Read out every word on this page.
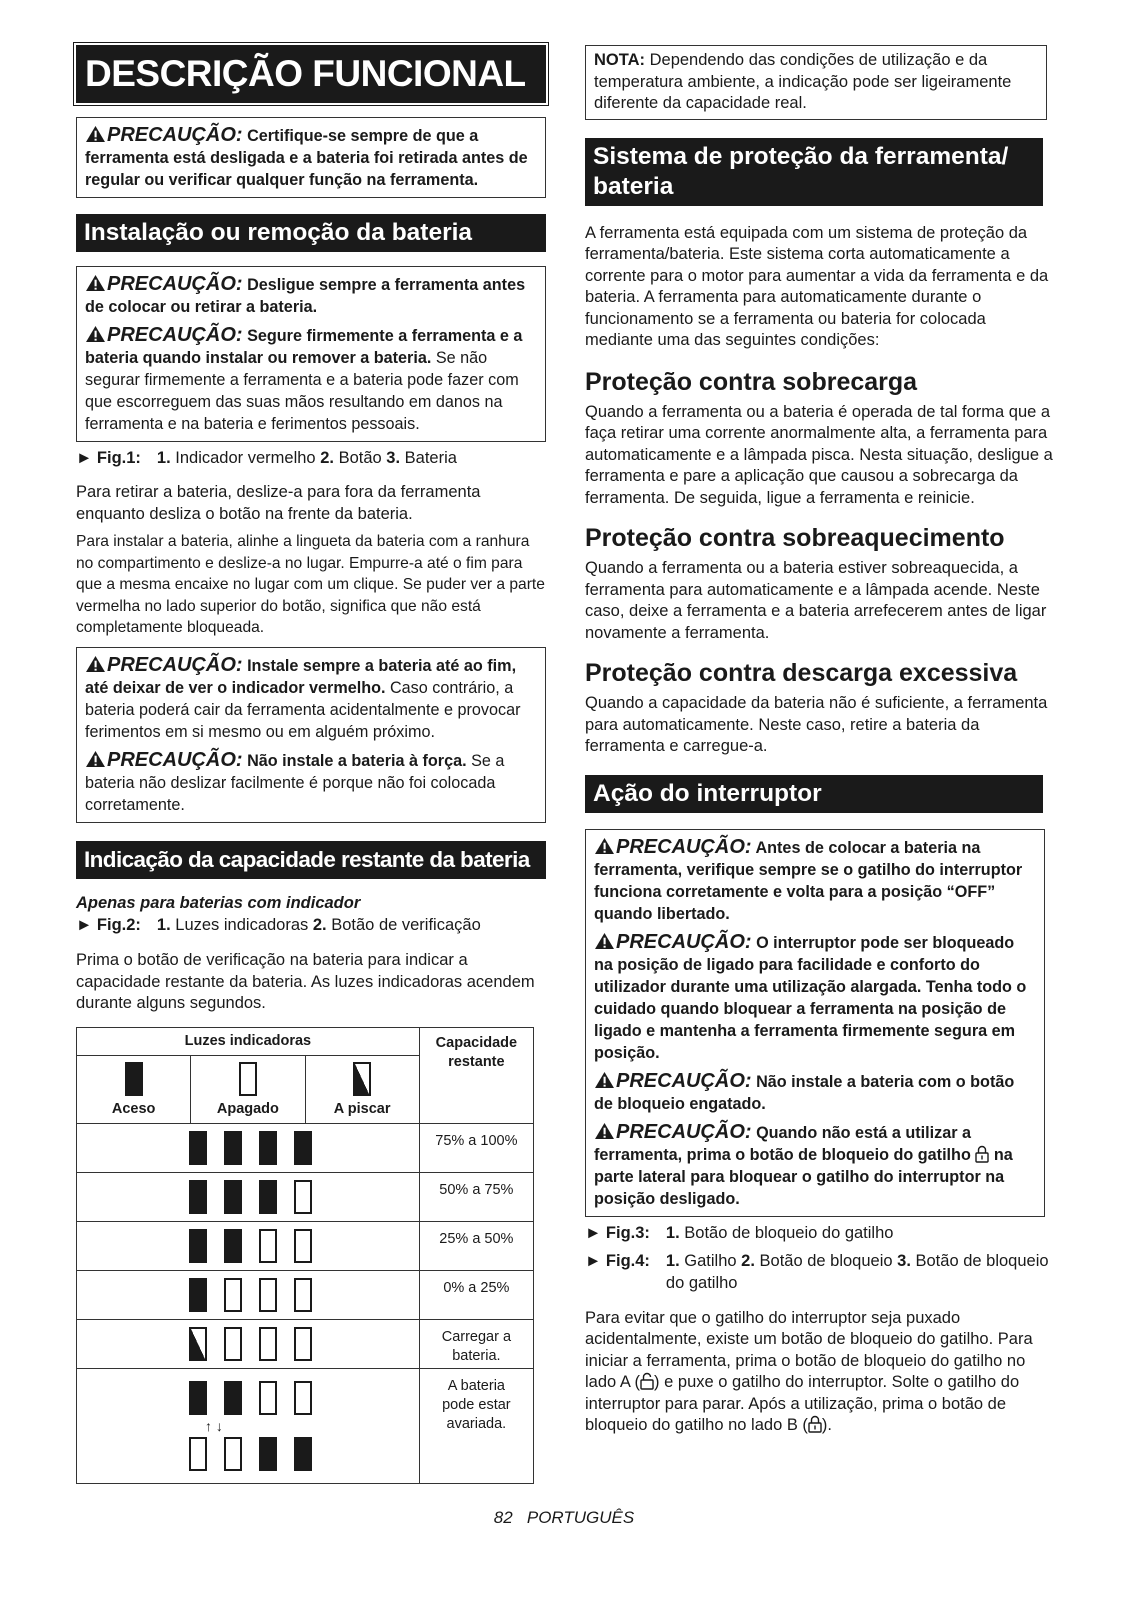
DESCRIÇÃO FUNCIONAL

PRECAUÇÃO: Certifique-se sempre de que a ferramenta está desligada e a bateria foi retirada antes de regular ou verificar qualquer função na ferramenta.

Instalação ou remoção da bateria

PRECAUÇÃO: Desligue sempre a ferramenta antes de colocar ou retirar a bateria.

PRECAUÇÃO: Segure firmemente a ferramenta e a bateria quando instalar ou remover a bateria. Se não segurar firmemente a ferramenta e a bateria pode fazer com que escorreguem das suas mãos resultando em danos na ferramenta e na bateria e ferimentos pessoais.

► Fig.1: 1. Indicador vermelho 2. Botão 3. Bateria

Para retirar a bateria, deslize-a para fora da ferramenta enquanto desliza o botão na frente da bateria.

Para instalar a bateria, alinhe a lingueta da bateria com a ranhura no compartimento e deslize-a no lugar. Empurre-a até o fim para que a mesma encaixe no lugar com um clique. Se puder ver a parte vermelha no lado superior do botão, significa que não está completamente bloqueada.

PRECAUÇÃO: Instale sempre a bateria até ao fim, até deixar de ver o indicador vermelho. Caso contrário, a bateria poderá cair da ferramenta acidentalmente e provocar ferimentos em si mesmo ou em alguém próximo.

PRECAUÇÃO: Não instale a bateria à força. Se a bateria não deslizar facilmente é porque não foi colocada corretamente.

Indicação da capacidade restante da bateria

Apenas para baterias com indicador

► Fig.2: 1. Luzes indicadoras 2. Botão de verificação

Prima o botão de verificação na bateria para indicar a capacidade restante da bateria. As luzes indicadoras acendem durante alguns segundos.

Luzes indicadoras			Capacidade restante

Aceso	Apagado	A piscar	

			75% a 100%

			50% a 75%

			25% a 50%

			0% a 25%

			Carregar a bateria.

↑ ↓			A bateria pode estar avariada.
NOTA: Dependendo das condições de utilização e da temperatura ambiente, a indicação pode ser ligeiramente diferente da capacidade real.
Sistema de proteção da ferramenta/ bateria

A ferramenta está equipada com um sistema de proteção da ferramenta/bateria. Este sistema corta automaticamente a corrente para o motor para aumentar a vida da ferramenta e da bateria. A ferramenta para automaticamente durante o funcionamento se a ferramenta ou bateria for colocada mediante uma das seguintes condições:

Proteção contra sobrecarga

Quando a ferramenta ou a bateria é operada de tal forma que a faça retirar uma corrente anormalmente alta, a ferramenta para automaticamente e a lâmpada pisca. Nesta situação, desligue a ferramenta e pare a aplicação que causou a sobrecarga da ferramenta. De seguida, ligue a ferramenta e reinicie.

Proteção contra sobreaquecimento

Quando a ferramenta ou a bateria estiver sobreaquecida, a ferramenta para automaticamente e a lâmpada acende. Neste caso, deixe a ferramenta e a bateria arrefecerem antes de ligar novamente a ferramenta.

Proteção contra descarga excessiva

Quando a capacidade da bateria não é suficiente, a ferramenta para automaticamente. Neste caso, retire a bateria da ferramenta e carregue-a.

Ação do interruptor

PRECAUÇÃO: Antes de colocar a bateria na ferramenta, verifique sempre se o gatilho do interruptor funciona corretamente e volta para a posição “OFF” quando libertado.

PRECAUÇÃO: O interruptor pode ser bloqueado na posição de ligado para facilidade e conforto do utilizador durante uma utilização alargada. Tenha todo o cuidado quando bloquear a ferramenta na posição de ligado e mantenha a ferramenta firmemente segura em posição.

PRECAUÇÃO: Não instale a bateria com o botão de bloqueio engatado.

PRECAUÇÃO: Quando não está a utilizar a ferramenta, prima o botão de bloqueio do gatilho na parte lateral para bloquear o gatilho do interruptor na posição desligado.

► Fig.3: 1. Botão de bloqueio do gatilho
► Fig.4: 1. Gatilho 2. Botão de bloqueio 3. Botão de bloqueio do gatilho

Para evitar que o gatilho do interruptor seja puxado acidentalmente, existe um botão de bloqueio do gatilho. Para iniciar a ferramenta, prima o botão de bloqueio do gatilho no lado A ( ) e puxe o gatilho do interruptor. Solte o gatilho do interruptor para parar. Após a utilização, prima o botão de bloqueio do gatilho no lado B ( ).

82 PORTUGUÊS
